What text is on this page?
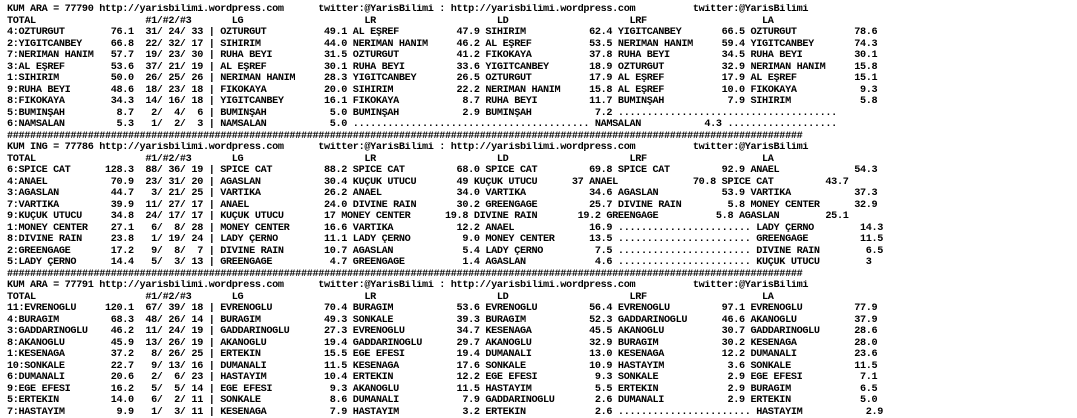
KUM ARA = 77790 http://yarisbilimi.wordpress.com      twitter:@YarisBilimi : http://yarisbilimi.wordpress.com          twitter:@YarisBilimi
TOTAL                   #1/#2/#3       LG                     LR                     LD                     LRF                    LA
4:ÖZTURGUT        76.1  31/ 24/ 33 | ÖZTURGUT          49.1 AL EŞREF          47.9 SİHİRİM           62.4 YİĞİTCANBEY       66.5 ÖZTURGUT          78.6
2:YİĞİTCANBEY     66.8  22/ 32/ 17 | SİHİRİM           44.0 NERİMAN HANIM     46.2 AL EŞREF          53.5 NERİMAN HANIM     59.4 YİĞİTCANBEY       74.3
7:NERİMAN HANIM   57.7  19/ 23/ 30 | RUHA BEYİ         31.5 ÖZTURGUT          41.2 FİKOKAYA          37.8 RUHA BEYİ         34.5 RUHA BEYİ         30.1
3:AL EŞREF        53.6  37/ 21/ 19 | AL EŞREF          30.1 RUHA BEYİ         33.6 YİĞİTCANBEY       18.9 ÖZTURGUT          32.9 NERİMAN HANIM     15.8
1:SİHİRİM         50.0  26/ 25/ 26 | NERİMAN HANIM     28.3 YİĞİTCANBEY       26.5 ÖZTURGUT          17.9 AL EŞREF          17.9 AL EŞREF          15.1
9:RUHA BEYİ       48.6  18/ 23/ 18 | FİKOKAYA          20.0 SİHİRİM           22.2 NERİMAN HANIM     15.8 AL EŞREF          10.0 FİKOKAYA           9.3
8:FİKOKAYA        34.3  14/ 16/ 18 | YİĞİTCANBEY       16.1 FİKOKAYA           8.7 RUHA BEYİ         11.7 BUMİNŞAH           7.9 SİHİRİM            5.8
5:BUMİNŞAH         8.7   2/  4/  6 | BUMİNŞAH           5.0 BUMİNŞAH           2.9 BUMİNŞAH           7.2 ......................................
6:NAMSALAN         5.3   1/  2/  3 | NAMSALAN           5.0 ......................................... NAMSALAN           4.3 ...................
##########################################################################################################################################
KUM ING = 77786 http://yarisbilimi.wordpress.com      twitter:@YarisBilimi : http://yarisbilimi.wordpress.com          twitter:@YarisBilimi
TOTAL                   #1/#2/#3       LG                     LR                     LD                     LRF                    LA
6:SPICE CAT      128.3  88/ 36/ 19 | SPICE CAT         88.2 SPICE CAT         68.0 SPICE CAT         69.8 SPICE CAT         92.9 ANAEL             54.3
4:ANAEL           70.9  23/ 31/ 20 | AĞASLAN           30.4 KÜÇÜK ÜTÜCÜ       49 KÜÇÜK ÜTÜCÜ      37 ANAEL             70.8 SPICE CAT         43.7
3:AĞASLAN         44.7   3/ 21/ 25 | VARTİKA           26.2 ANAEL             34.0 VARTİKA           34.6 AĞASLAN           53.9 VARTİKA           37.3
7:VARTİKA         39.9  11/ 27/ 17 | ANAEL             24.0 DIVINE RAIN       30.2 GREENGAGE         25.7 DIVINE RAIN        5.8 MONEY CENTER      32.9
9:KÜÇÜK ÜTÜCÜ     34.8  24/ 17/ 17 | KÜÇÜK ÜTÜCÜ       17 MONEY CENTER      19.8 DIVINE RAIN       19.2 GREENGAGE          5.8 AĞASLAN        25.1
1:MONEY CENTER    27.1   6/  8/ 28 | MONEY CENTER      16.6 VARTİKA           12.2 ANAEL             16.9 ....................... LADY ÇERNO        14.3
8:DIVINE RAIN     23.8   1/ 19/ 24 | LADY ÇERNO        11.1 LADY ÇERNO         9.0 MONEY CENTER      13.5 ....................... GREENGAGE         11.5
2:GREENGAGE       17.2   9/  8/  7 | DIVINE RAIN       10.7 AĞASLAN            5.4 LADY ÇERNO         7.5 ....................... DIVINE RAIN        6.5
5:LADY ÇERNO      14.4   5/  3/ 13 | GREENGAGE          4.7 GREENGAGE          1.4 AĞASLAN            4.6 ....................... KÜÇÜK ÜTÜCÜ        3
##########################################################################################################################################
KUM ARA = 77791 http://yarisbilimi.wordpress.com      twitter:@YarisBilimi : http://yarisbilimi.wordpress.com          twitter:@YarisBilimi
TOTAL                   #1/#2/#3       LG                     LR                     LD                     LRF                    LA
11:EVRENOĞLU     120.1  67/ 39/ 18 | EVRENOĞLU         70.4 BURAĞIM           53.6 EVRENOĞLU         56.4 EVRENOĞLU         97.1 EVRENOĞLU         77.9
4:BURAĞIM         68.3  48/ 26/ 14 | BURAĞIM           49.3 SONKALE           39.3 BURAĞIM           52.3 GADDARINOĞLU      46.6 AKANOĞLU          37.9
3:GADDARINOĞLU    46.2  11/ 24/ 19 | GADDARINOĞLU      27.3 EVRENOĞLU         34.7 KESENAĞA          45.5 AKANOĞLU          30.7 GADDARINOĞLU      28.6
8:AKANOĞLU        45.9  13/ 26/ 19 | AKANOĞLU          19.4 GADDARINOĞLU      29.7 AKANOĞLU          32.9 BURAĞIM           30.2 KESENAĞA          28.0
1:KESENAĞA        37.2   8/ 26/ 25 | ERTEKİN           15.5 EGE EFESİ         19.4 DUMANALİ          13.0 KESENAĞA          12.2 DUMANALİ          23.6
10:SONKALE        22.7   9/ 13/ 16 | DUMANALİ          11.5 KESENAĞA          17.6 SONKALE           10.9 HASTAYIM           3.6 SONKALE           11.5
6:DUMANALİ        20.6   2/  6/ 23 | HASTAYIM          10.4 ERTEKİN           12.2 EGE EFESİ          9.3 SONKALE            2.9 EGE EFESİ          7.1
9:EGE EFESİ       16.2   5/  5/ 14 | EGE EFESİ          9.3 AKANOĞLU          11.5 HASTAYIM           5.5 ERTEKİN            2.9 BURAĞIM            6.5
5:ERTEKİN         14.0   6/  2/ 11 | SONKALE            8.6 DUMANALİ           7.9 GADDARINOĞLU       2.6 DUMANALİ           2.9 ERTEKİN            5.0
7:HASTAYIM         9.9   1/  3/ 11 | KESENAĞA           7.9 HASTAYIM           3.2 ERTEKİN            2.6 ....................... HASTAYIM           2.9
